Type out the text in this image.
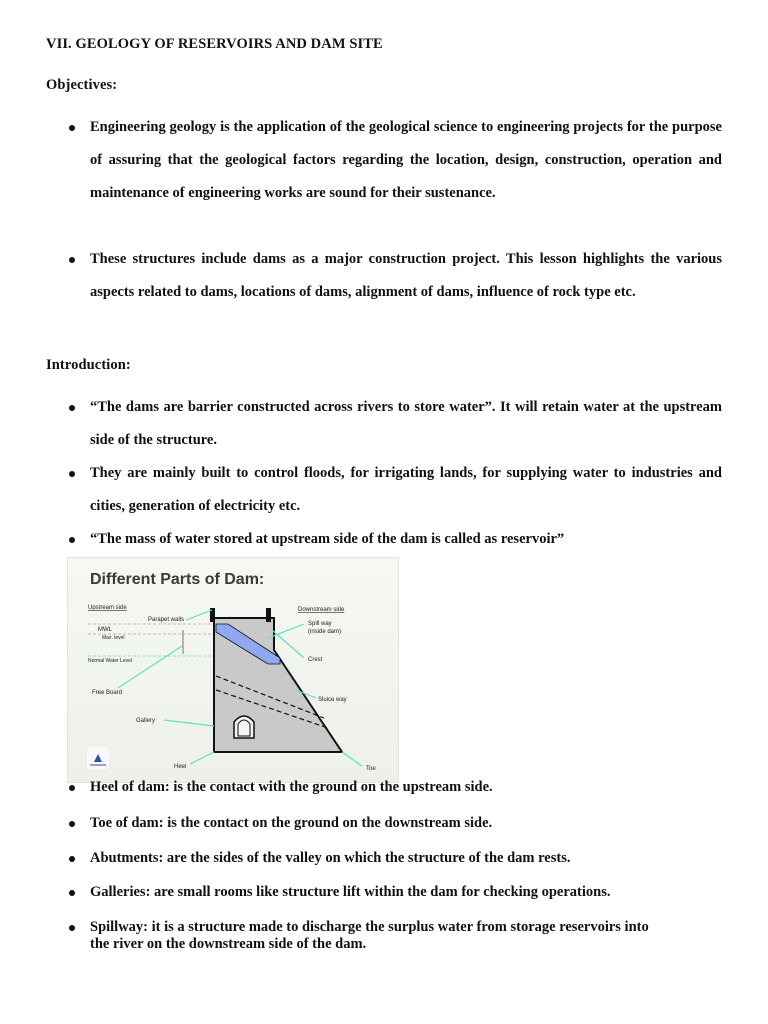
VII. GEOLOGY OF RESERVOIRS AND DAM SITE
Objectives:
Engineering geology is the application of the geological science to engineering projects for the purpose of assuring that the geological factors regarding the location, design, construction, operation and maintenance of engineering works are sound for their sustenance.
These structures include dams as a major construction project. This lesson highlights the various aspects related to dams, locations of dams, alignment of dams, influence of rock type etc.
Introduction:
“The dams are barrier constructed across rivers to store water”. It will retain water at the upstream side of the structure.
They are mainly built to control floods, for irrigating lands, for supplying water to industries and cities, generation of electricity etc.
“The mass of water stored at upstream side of the dam is called as reservoir”
Different Parts of Dam:
Upstream side	Downstream side
Parapet walls
MWL
Max. level
Normal Water Level
Free Board
Spill way
(inside dam)
Crest
Sluice way
Gallery
Heel	Toe
Heel of dam: is the contact with the ground on the upstream side.
Toe of dam: is the contact on the ground on the downstream side.
Abutments: are the sides of the valley on which the structure of the dam rests.
Galleries: are small rooms like structure lift within the dam for checking operations.
Spillway: it is a structure made to discharge the surplus water from storage reservoirs into the river on the downstream side of the dam.
